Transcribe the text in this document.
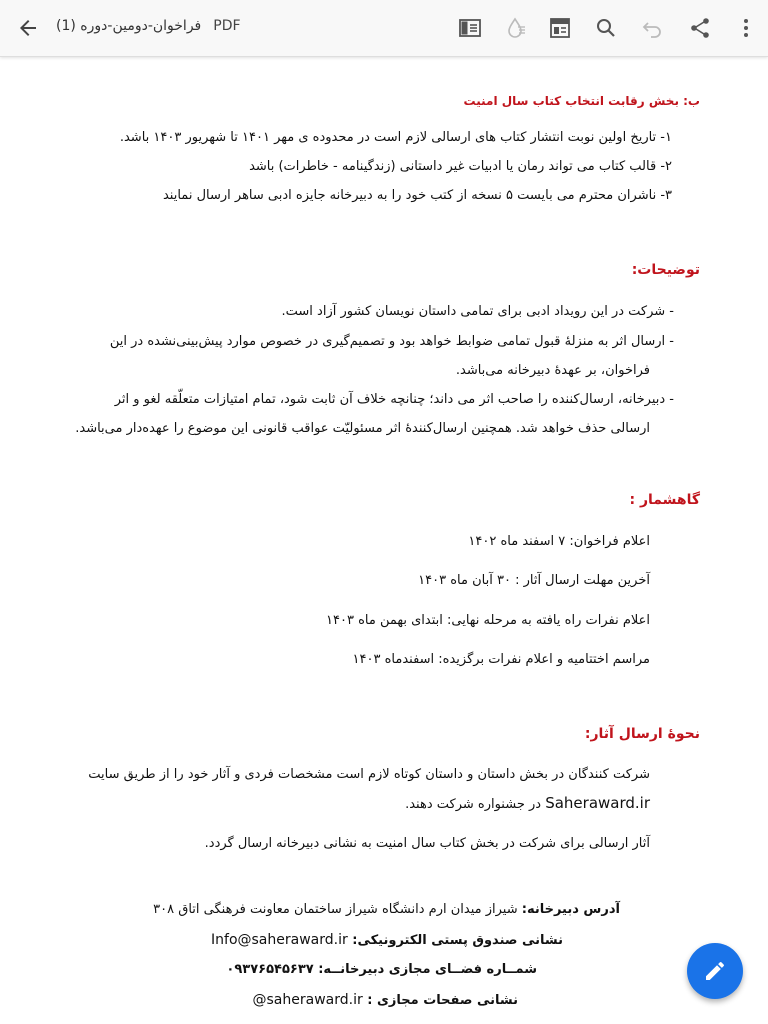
فراخوان-دومین-دوره (1) PDF
ب: بخش رقابت انتخاب کتاب سال امنیت
۱- تاریخ اولین نوبت انتشار کتاب های ارسالی لازم است در محدوده ی مهر ۱۴۰۱ تا شهریور ۱۴۰۳ باشد.
۲- قالب کتاب می تواند رمان یا ادبیات غیر داستانی (زندگینامه - خاطرات) باشد
۳- ناشران محترم می بایست ۵ نسخه از کتب خود را به دبیرخانه جایزه ادبی ساهر ارسال نمایند
توضیحات:
- شرکت در این رویداد ادبی برای تمامی داستان نویسان کشور آزاد است.
- ارسال اثر به منزلهٔ قبول تمامی ضوابط خواهد بود و تصمیم‌گیری در خصوص موارد پیش‌بینی‌نشده در این
فراخوان، بر عهدهٔ دبیرخانه می‌باشد.
- دبیرخانه، ارسال‌کننده را صاحب اثر می داند؛ چنانچه خلاف آن ثابت شود، تمام امتیازات متعلّقه لغو و اثر
ارسالی حذف خواهد شد. همچنین ارسال‌کنندهٔ اثر مسئولیّت عواقب قانونی این موضوع را عهده‌دار می‌باشد.
گاهشمار :
اعلام فراخوان: ۷ اسفند ماه ۱۴۰۲
آخرین مهلت ارسال آثار : ۳۰ آبان ماه ۱۴۰۳
اعلام نفرات راه یافته به مرحله نهایی: ابتدای بهمن ماه ۱۴۰۳
مراسم اختتامیه و اعلام نفرات برگزیده: اسفندماه ۱۴۰۳
نحوهٔ ارسال آثار:
شرکت کنندگان در بخش داستان و داستان کوتاه لازم است مشخصات فردی و آثار خود را از طریق سایت
Saheraward.ir در جشنواره شرکت دهند.
آثار ارسالی برای شرکت در بخش کتاب سال امنیت به نشانی دبیرخانه ارسال گردد.
آدرس دبیرخانه: شیراز میدان ارم دانشگاه شیراز ساختمان معاونت فرهنگی اتاق ۳۰۸
نشانی صندوق پستی الکترونیکی: Info@saheraward.ir
شمــاره فضــای مجازی دبیرخانــه: ۰۹۳۷۶۵۴۵۶۳۷
نشانی صفحات مجازی : @saheraward.ir
